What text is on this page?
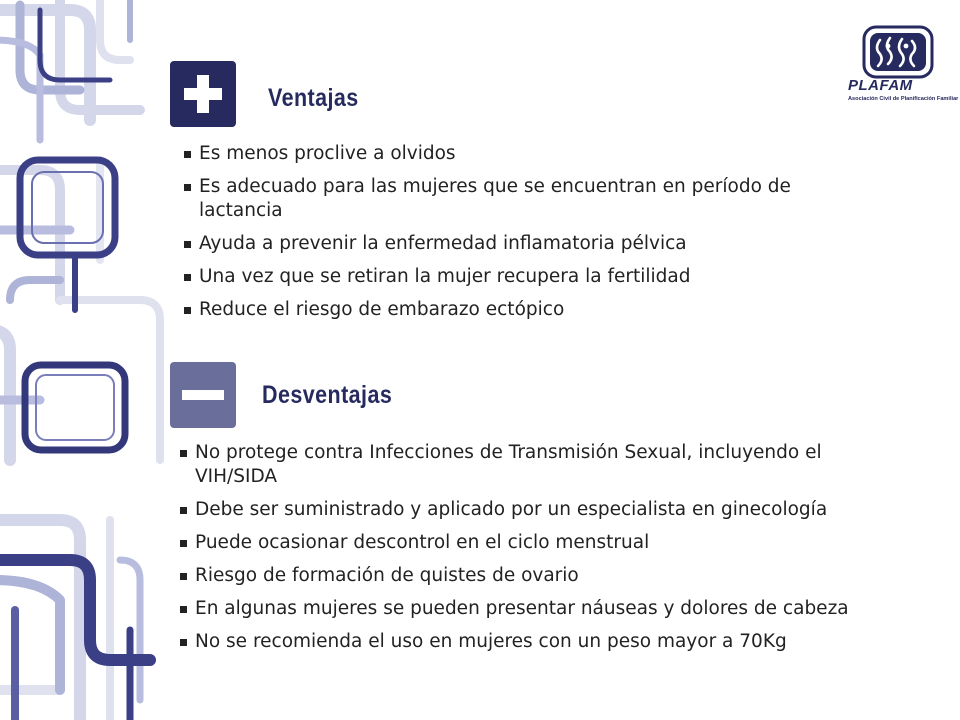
PLAFAM
Asociación Civil de Planificación Familiar
Ventajas
Es menos proclive a olvidos
Es adecuado para las mujeres que se encuentran en período de lactancia
Ayuda a prevenir la enfermedad inflamatoria pélvica
Una vez que se retiran la mujer recupera la fertilidad
Reduce el riesgo de embarazo ectópico
Desventajas
No protege contra Infecciones de Transmisión Sexual, incluyendo el VIH/SIDA
Debe ser suministrado y aplicado por un especialista en ginecología
Puede ocasionar descontrol en el ciclo menstrual
Riesgo de formación de quistes de ovario
En algunas mujeres se pueden presentar náuseas y dolores de cabeza
No se recomienda el uso en mujeres con un peso mayor a 70Kg
